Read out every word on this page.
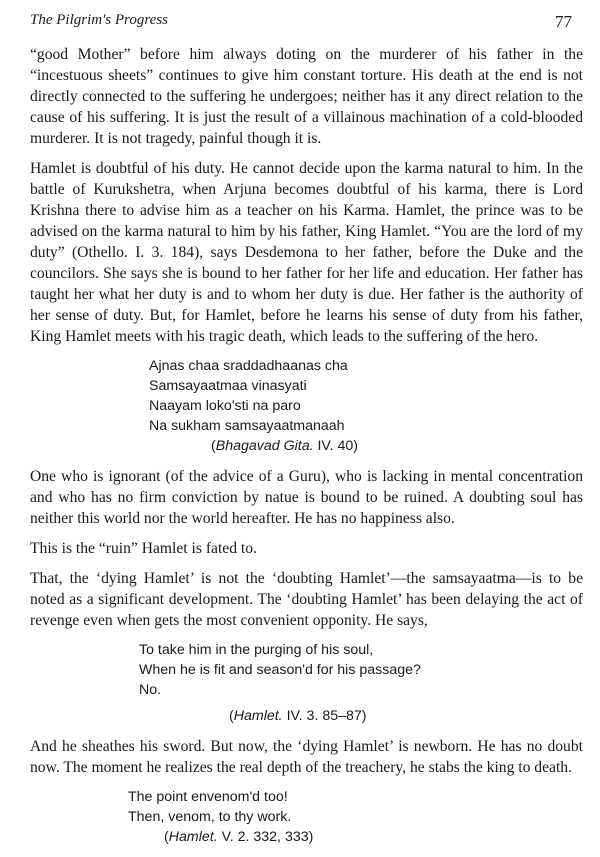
The Pilgrim's Progress	77

“good Mother” before him always doting on the murderer of his father in the “incestuous sheets” continues to give him constant torture. His death at the end is not directly connected to the suffering he undergoes; neither has it any direct relation to the cause of his suffering. It is just the result of a villainous machination of a cold-blooded murderer. It is not tragedy, painful though it is.

Hamlet is doubtful of his duty. He cannot decide upon the karma natural to him. In the battle of Kurukshetra, when Arjuna becomes doubtful of his karma, there is Lord Krishna there to advise him as a teacher on his Karma. Hamlet, the prince was to be advised on the karma natural to him by his father, King Hamlet. “You are the lord of my duty” (Othello. I. 3. 184), says Desdemona to her father, before the Duke and the councilors. She says she is bound to her father for her life and education. Her father has taught her what her duty is and to whom her duty is due. Her father is the authority of her sense of duty. But, for Hamlet, before he learns his sense of duty from his father, King Hamlet meets with his tragic death, which leads to the suffering of the hero.

Ajnas chaa sraddadhaanas cha
Samsayaatmaa vinasyati
Naayam loko'sti na paro
Na sukham samsayaatmanaah
(Bhagavad Gita. IV. 40)

One who is ignorant (of the advice of a Guru), who is lacking in mental concentration and who has no firm conviction by natue is bound to be ruined. A doubting soul has neither this world nor the world hereafter. He has no happiness also.

This is the “ruin” Hamlet is fated to.

That, the ‘dying Hamlet’ is not the ‘doubting Hamlet’—the samsayaatma—is to be noted as a significant development. The ‘doubting Hamlet’ has been delaying the act of revenge even when gets the most convenient opponity. He says,

To take him in the purging of his soul,
When he is fit and season'd for his passage?
No.
(Hamlet. IV. 3. 85–87)

And he sheathes his sword. But now, the ‘dying Hamlet’ is newborn. He has no doubt now. The moment he realizes the real depth of the treachery, he stabs the king to death.

The point envenom'd too!
Then, venom, to thy work.
(Hamlet. V. 2. 332, 333)
